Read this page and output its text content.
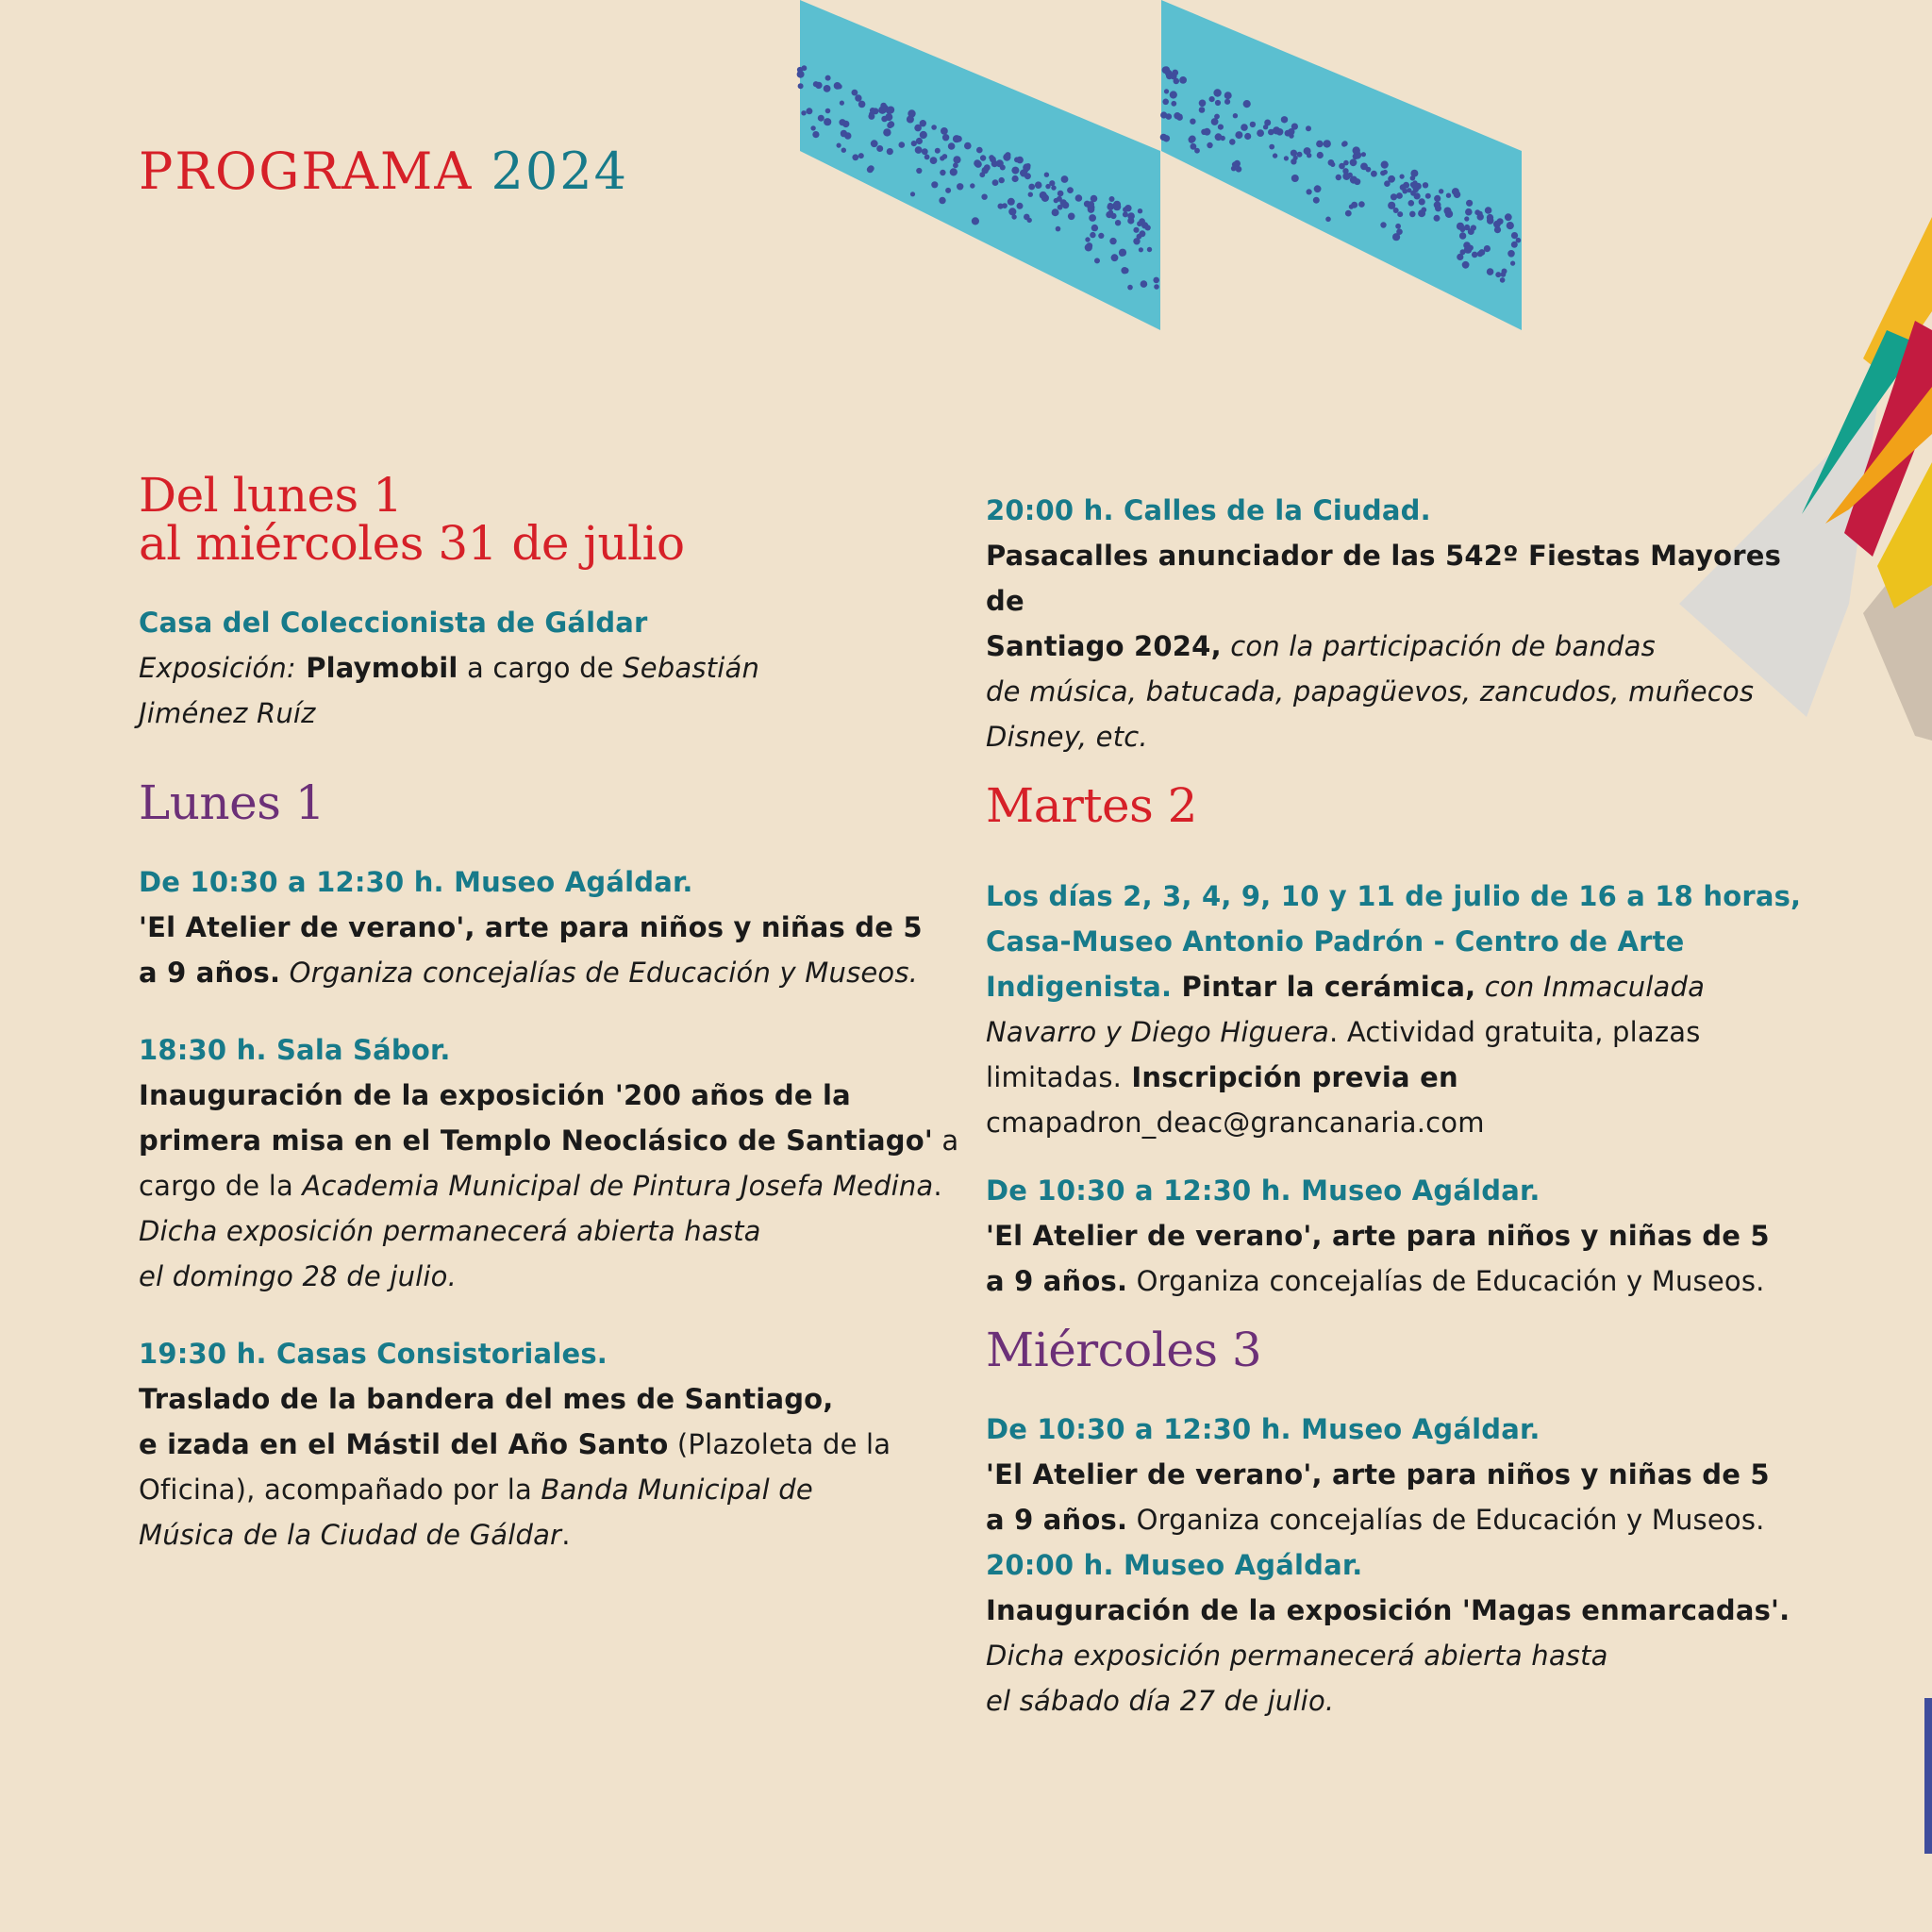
PROGRAMA 2024
Del lunes 1
al miércoles 31 de julio
Casa del Coleccionista de Gáldar
Exposición: Playmobil a cargo de Sebastián
Jiménez Ruíz
Lunes 1
De 10:30 a 12:30 h. Museo Agáldar.
'El Atelier de verano', arte para niños y niñas de 5
a 9 años. Organiza concejalías de Educación y Museos.
18:30 h. Sala Sábor.
Inauguración de la exposición '200 años de la
primera misa en el Templo Neoclásico de Santiago' a
cargo de la Academia Municipal de Pintura Josefa Medina.
Dicha exposición permanecerá abierta hasta
el domingo 28 de julio.
19:30 h. Casas Consistoriales.
Traslado de la bandera del mes de Santiago,
e izada en el Mástil del Año Santo (Plazoleta de la
Oficina), acompañado por la Banda Municipal de
Música de la Ciudad de Gáldar.
20:00 h. Calles de la Ciudad.
Pasacalles anunciador de las 542º Fiestas Mayores de
Santiago 2024, con la participación de bandas
de música, batucada, papagüevos, zancudos, muñecos
Disney, etc.
Martes 2
Los días 2, 3, 4, 9, 10 y 11 de julio de 16 a 18 horas,
Casa-Museo Antonio Padrón - Centro de Arte
Indigenista. Pintar la cerámica, con Inmaculada
Navarro y Diego Higuera. Actividad gratuita, plazas
limitadas. Inscripción previa en
cmapadron_deac@grancanaria.com
De 10:30 a 12:30 h. Museo Agáldar.
'El Atelier de verano', arte para niños y niñas de 5
a 9 años. Organiza concejalías de Educación y Museos.
Miércoles 3
De 10:30 a 12:30 h. Museo Agáldar.
'El Atelier de verano', arte para niños y niñas de 5
a 9 años. Organiza concejalías de Educación y Museos.
20:00 h. Museo Agáldar.
Inauguración de la exposición 'Magas enmarcadas'.
Dicha exposición permanecerá abierta hasta
el sábado día 27 de julio.
